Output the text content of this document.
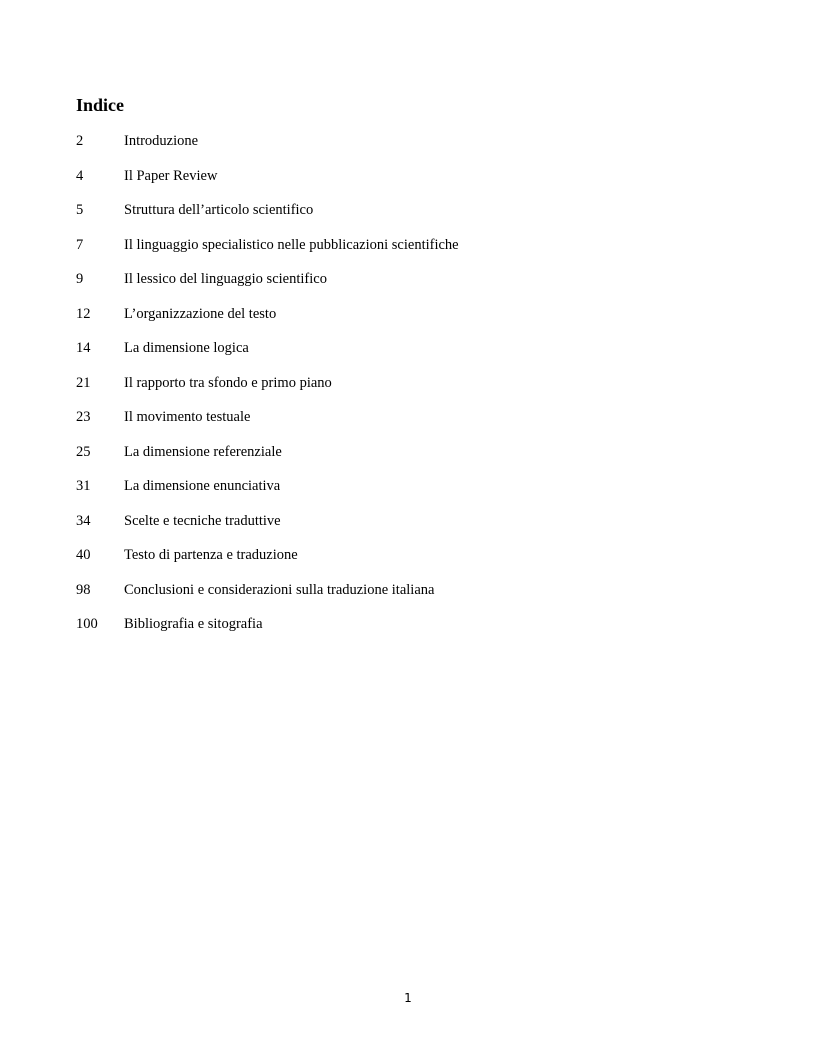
Indice
2	Introduzione
4	Il Paper Review
5	Struttura dell’articolo scientifico
7	Il linguaggio specialistico nelle pubblicazioni scientifiche
9	Il lessico del linguaggio scientifico
12	L’organizzazione del testo
14	La dimensione logica
21	Il rapporto tra sfondo e primo piano
23	Il movimento testuale
25	La dimensione referenziale
31	La dimensione enunciativa
34	Scelte e tecniche traduttive
40	Testo di partenza e traduzione
98	Conclusioni e considerazioni sulla traduzione italiana
100	Bibliografia e sitografia
1
